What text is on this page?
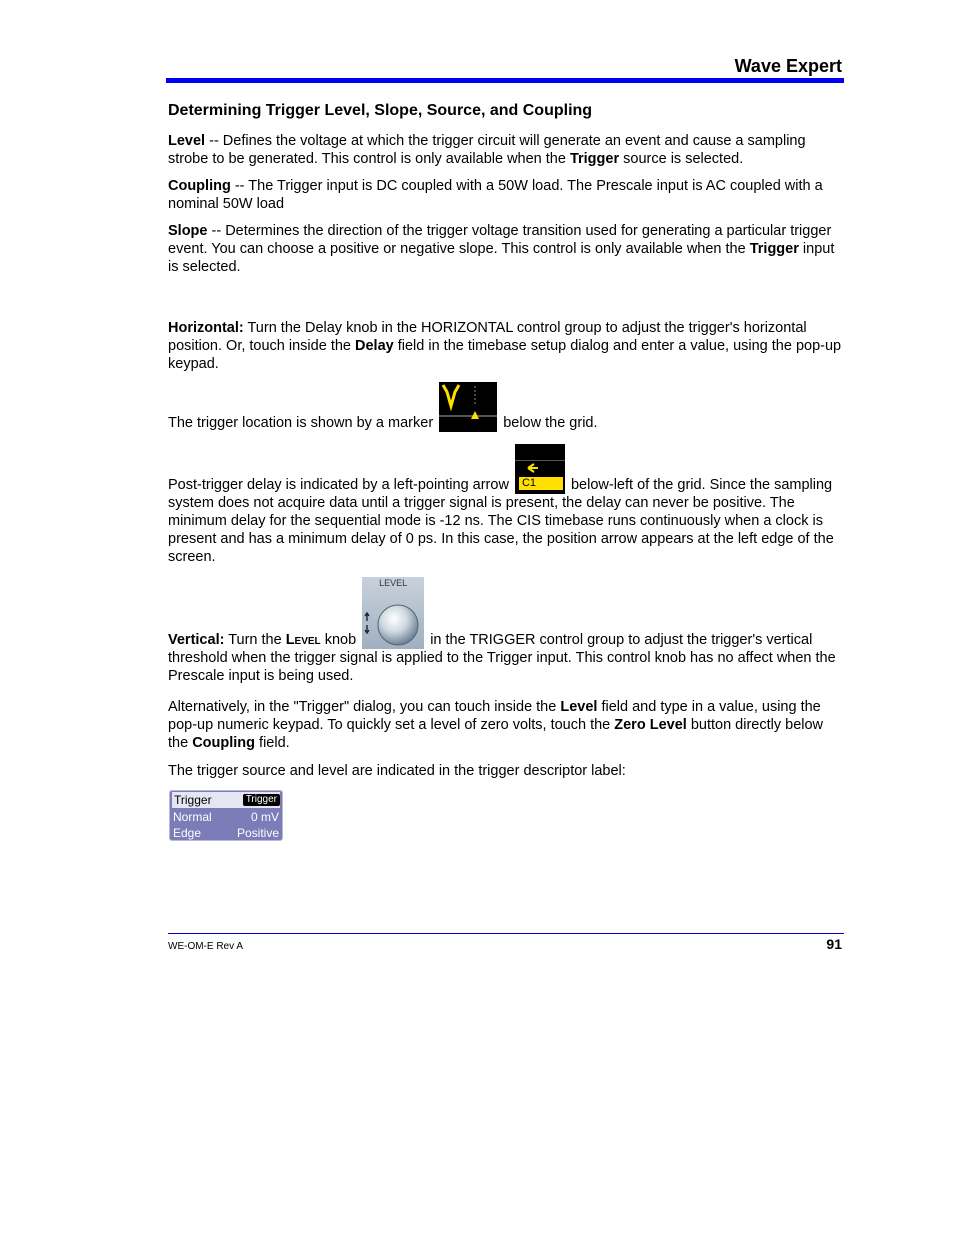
Wave Expert
Determining Trigger Level, Slope, Source, and Coupling
Level -- Defines the voltage at which the trigger circuit will generate an event and cause a sampling strobe to be generated. This control is only available when the Trigger source is selected.
Coupling -- The Trigger input is DC coupled with a 50W load. The Prescale input is AC coupled with a nominal 50W load
Slope -- Determines the direction of the trigger voltage transition used for generating a particular trigger event. You can choose a positive or negative slope. This control is only available when the Trigger input is selected.
Horizontal: Turn the Delay knob in the HORIZONTAL control group to adjust the trigger's horizontal position. Or, touch inside the Delay field in the timebase setup dialog and enter a value, using the pop-up keypad.
The trigger location is shown by a marker	below the grid.
Post-trigger delay is indicated by a left-pointing arrow C1 below-left of the grid. Since the sampling system does not acquire data until a trigger signal is present, the delay can never be positive. The minimum delay for the sequential mode is -12 ns. The CIS timebase runs continuously when a clock is present and has a minimum delay of 0 ps. In this case, the position arrow appears at the left edge of the screen.
Vertical: Turn the Level knob
LEVEL
in the TRIGGER control group to adjust the trigger's vertical threshold when the trigger signal is applied to the Trigger input. This control knob has no affect when the Prescale input is being used.
Alternatively, in the "Trigger" dialog, you can touch inside the Level field and type in a value, using the pop-up numeric keypad. To quickly set a level of zero volts, touch the Zero Level button directly below the Coupling field.
The trigger source and level are indicated in the trigger descriptor label:
Trigger	Trigger
Normal	0 mV
Edge	Positive
WE-OM-E Rev A	91
